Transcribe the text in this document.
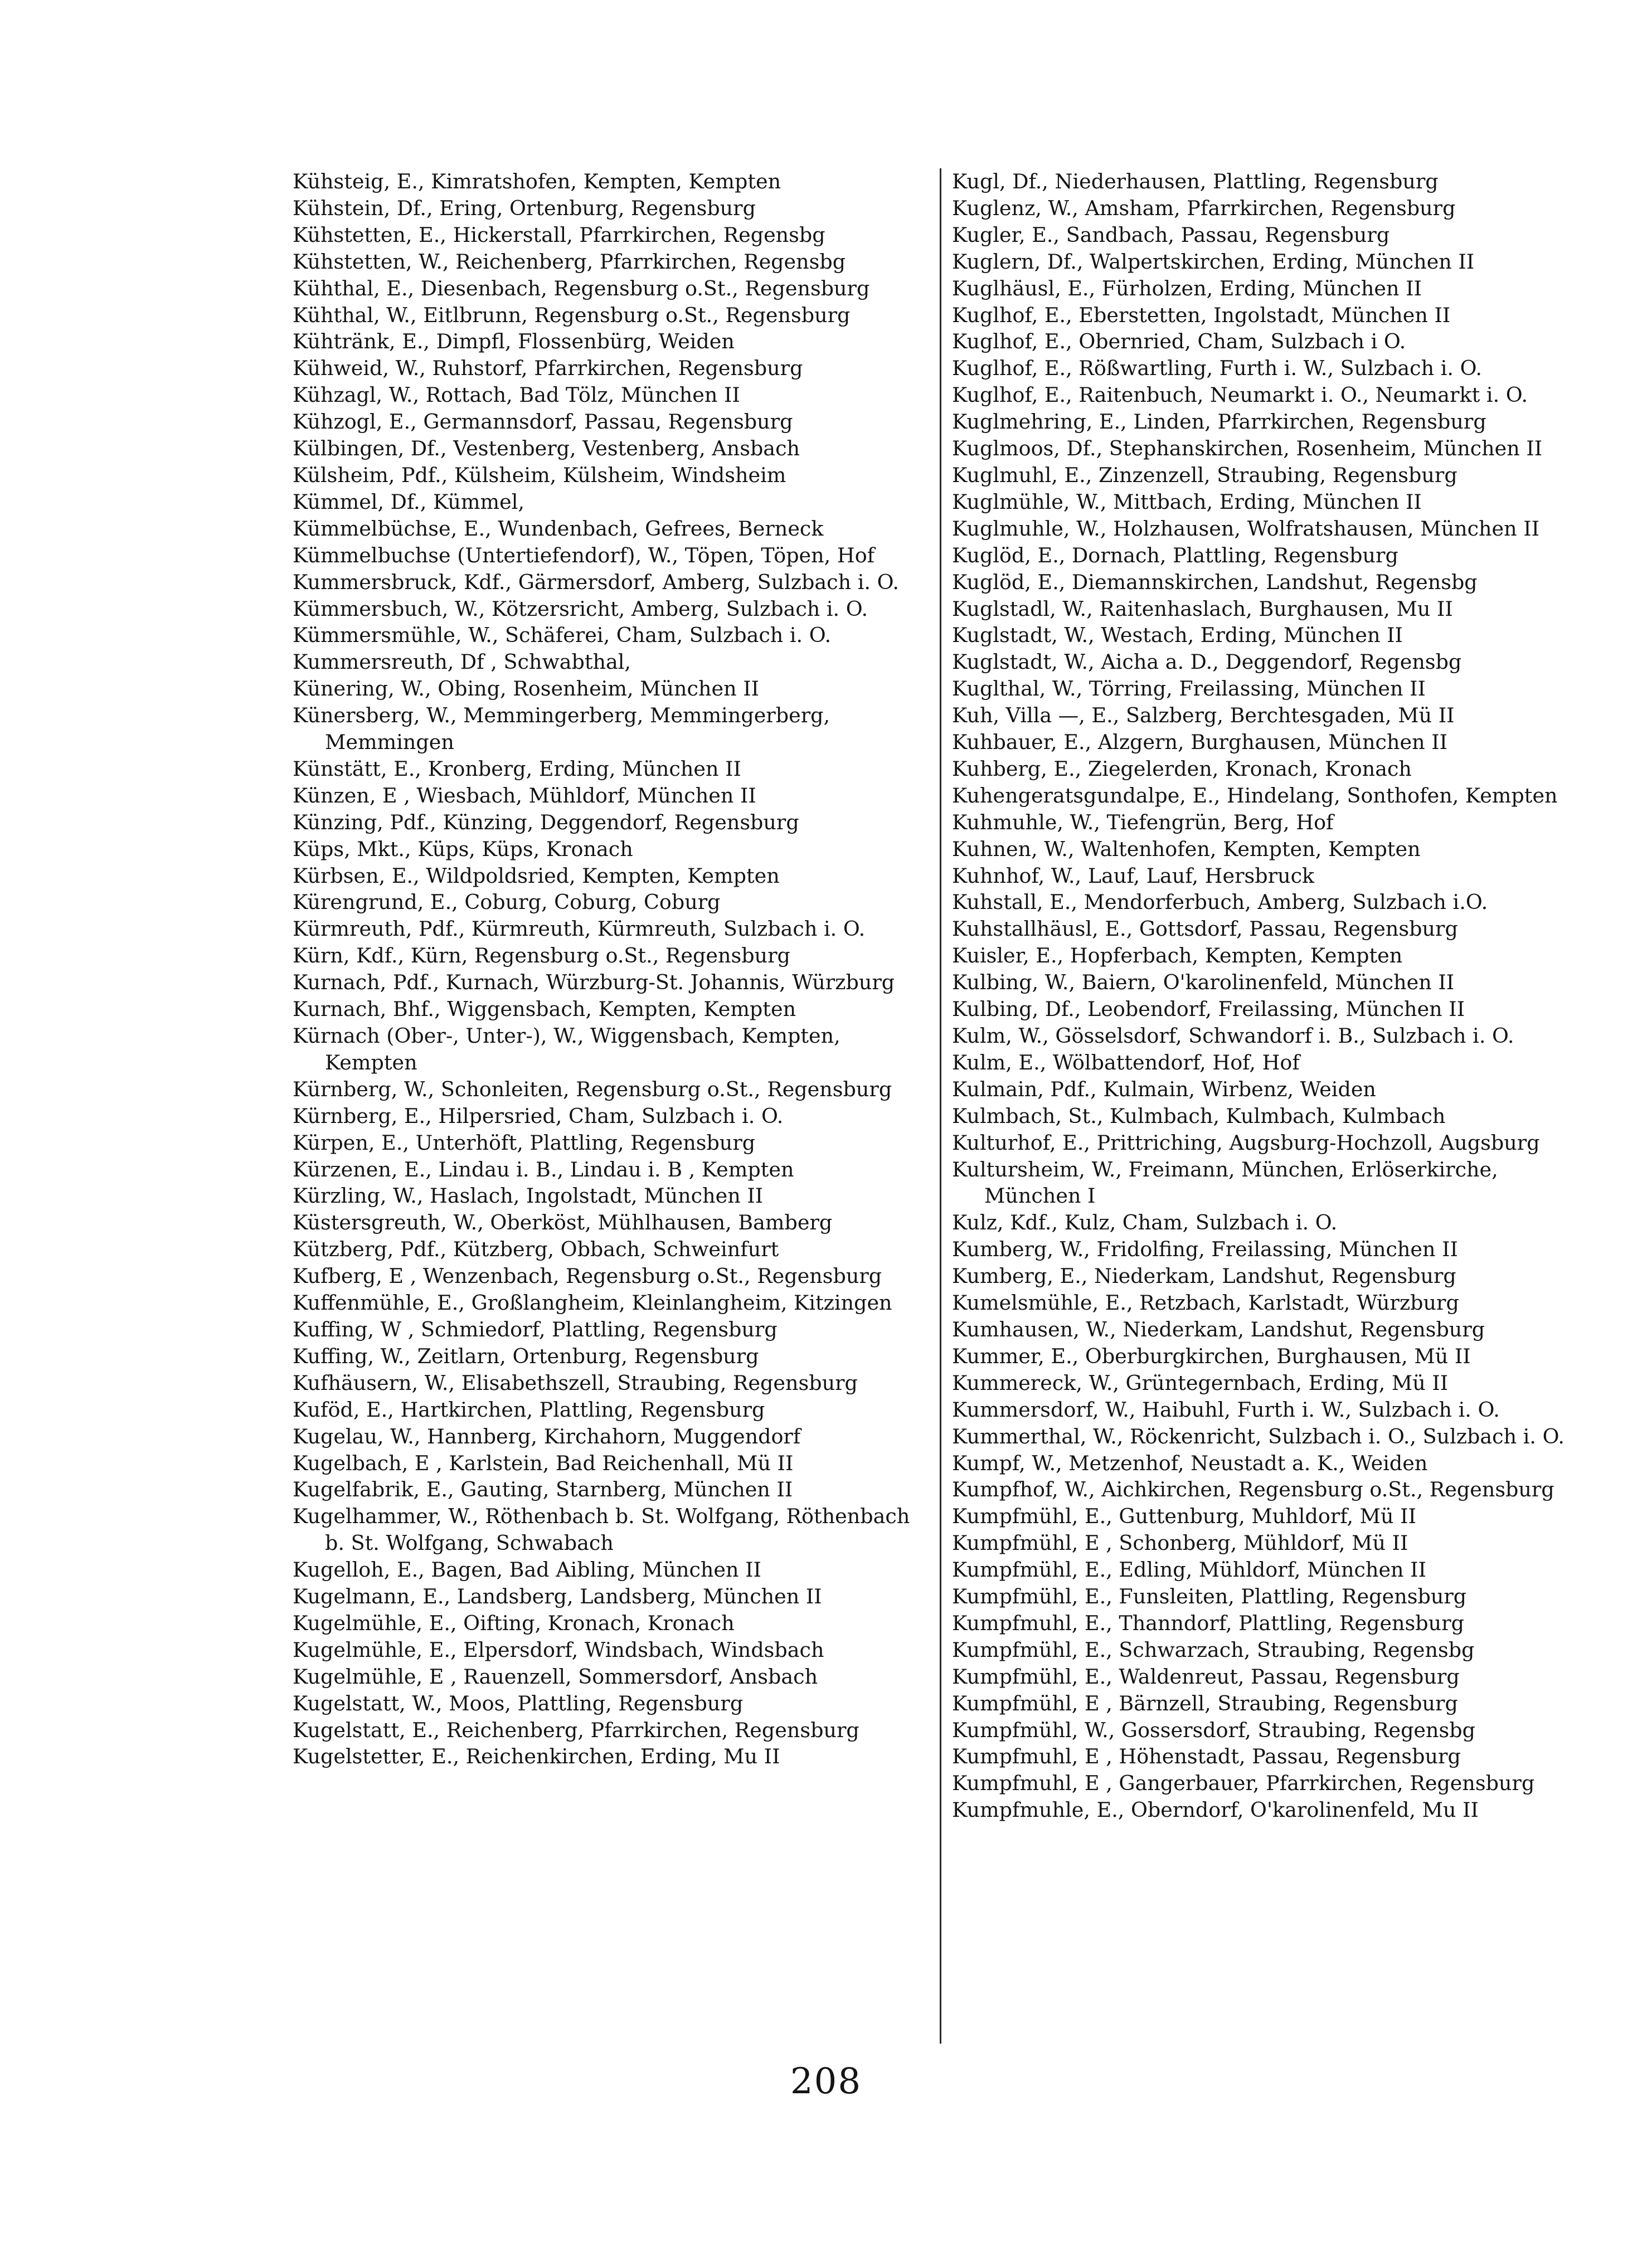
Kühsteig, E., Kimratshofen, Kempten, Kempten
Kühstein, Df., Ering, Ortenburg, Regensburg
Kühstetten, E., Hickerstall, Pfarrkirchen, Regensbg
Kühstetten, W., Reichenberg, Pfarrkirchen, Regensbg
Kühthal, E., Diesenbach, Regensburg o.St., Regensburg
Kühthal, W., Eitlbrunn, Regensburg o.St., Regensburg
Kühtränk, E., Dimpfl, Flossenbürg, Weiden
Kühweid, W., Ruhstorf, Pfarrkirchen, Regensburg
Kühzagl, W., Rottach, Bad Tölz, München II
Kühzogl, E., Germannsdorf, Passau, Regensburg
Külbingen, Df., Vestenberg, Vestenberg, Ansbach
Külsheim, Pdf., Külsheim, Külsheim, Windsheim
Kümmel, Df., Kümmel,
Kümmelbüchse, E., Wundenbach, Gefrees, Berneck
Kümmelbuchse (Untertiefendorf), W., Töpen, Töpen, Hof
Kummersbruck, Kdf., Gärmersdorf, Amberg, Sulzbach i. O.
Kümmersbuch, W., Kötzersricht, Amberg, Sulzbach i. O.
Kümmersmühle, W., Schäferei, Cham, Sulzbach i. O.
Kummersreuth, Df , Schwabthal,
Künering, W., Obing, Rosenheim, München II
Künersberg, W., Memmingerberg, Memmingerberg, Memmingen
Künstätt, E., Kronberg, Erding, München II
Künzen, E , Wiesbach, Mühldorf, München II
Künzing, Pdf., Künzing, Deggendorf, Regensburg
Küps, Mkt., Küps, Küps, Kronach
Kürbsen, E., Wildpoldsried, Kempten, Kempten
Kürengrund, E., Coburg, Coburg, Coburg
Kürmreuth, Pdf., Kürmreuth, Kürmreuth, Sulzbach i. O.
Kürn, Kdf., Kürn, Regensburg o.St., Regensburg
Kurnach, Pdf., Kurnach, Würzburg-St. Johannis, Würzburg
Kurnach, Bhf., Wiggensbach, Kempten, Kempten
Kürnach (Ober-, Unter-), W., Wiggensbach, Kempten, Kempten
Kürnberg, W., Schonleiten, Regensburg o.St., Regensburg
Kürnberg, E., Hilpersried, Cham, Sulzbach i. O.
Kürpen, E., Unterhöft, Plattling, Regensburg
Kürzenen, E., Lindau i. B., Lindau i. B , Kempten
Kürzling, W., Haslach, Ingolstadt, München II
Küstersgreuth, W., Oberköst, Mühlhausen, Bamberg
Kützberg, Pdf., Kützberg, Obbach, Schweinfurt
Kufberg, E , Wenzenbach, Regensburg o.St., Regensburg
Kuffenmühle, E., Großlangheim, Kleinlangheim, Kitzingen
Kuffing, W , Schmiedorf, Plattling, Regensburg
Kuffing, W., Zeitlarn, Ortenburg, Regensburg
Kufhäusern, W., Elisabethszell, Straubing, Regensburg
Kuföd, E., Hartkirchen, Plattling, Regensburg
Kugelau, W., Hannberg, Kirchahorn, Muggendorf
Kugelbach, E , Karlstein, Bad Reichenhall, Mü II
Kugelfabrik, E., Gauting, Starnberg, München II
Kugelhammer, W., Röthenbach b. St. Wolfgang, Röthenbach b. St. Wolfgang, Schwabach
Kugelloh, E., Bagen, Bad Aibling, München II
Kugelmann, E., Landsberg, Landsberg, München II
Kugelmühle, E., Oifting, Kronach, Kronach
Kugelmühle, E., Elpersdorf, Windsbach, Windsbach
Kugelmühle, E , Rauenzell, Sommersdorf, Ansbach
Kugelstatt, W., Moos, Plattling, Regensburg
Kugelstatt, E., Reichenberg, Pfarrkirchen, Regensburg
Kugelstetter, E., Reichenkirchen, Erding, Mu II
Kugl, Df., Niederhausen, Plattling, Regensburg
Kuglenz, W., Amsham, Pfarrkirchen, Regensburg
Kugler, E., Sandbach, Passau, Regensburg
Kuglern, Df., Walpertskirchen, Erding, München II
Kuglhäusl, E., Fürholzen, Erding, München II
Kuglhof, E., Eberstetten, Ingolstadt, München II
Kuglhof, E., Obernried, Cham, Sulzbach i O.
Kuglhof, E., Rößwartling, Furth i. W., Sulzbach i. O.
Kuglhof, E., Raitenbuch, Neumarkt i. O., Neumarkt i. O.
Kuglmehring, E., Linden, Pfarrkirchen, Regensburg
Kuglmoos, Df., Stephanskirchen, Rosenheim, München II
Kuglmuhl, E., Zinzenzell, Straubing, Regensburg
Kuglmühle, W., Mittbach, Erding, München II
Kuglmuhle, W., Holzhausen, Wolfratshausen, München II
Kuglöd, E., Dornach, Plattling, Regensburg
Kuglöd, E., Diemannskirchen, Landshut, Regensbg
Kuglstadl, W., Raitenhaslach, Burghausen, Mu II
Kuglstadt, W., Westach, Erding, München II
Kuglstadt, W., Aicha a. D., Deggendorf, Regensbg
Kuglthal, W., Törring, Freilassing, München II
Kuh, Villa —, E., Salzberg, Berchtesgaden, Mü II
Kuhbauer, E., Alzgern, Burghausen, München II
Kuhberg, E., Ziegelerden, Kronach, Kronach
Kuhengeratsgundalpe, E., Hindelang, Sonthofen, Kempten
Kuhmuhle, W., Tiefengrün, Berg, Hof
Kuhnen, W., Waltenhofen, Kempten, Kempten
Kuhnhof, W., Lauf, Lauf, Hersbruck
Kuhstall, E., Mendorferbuch, Amberg, Sulzbach i.O.
Kuhstallhäusl, E., Gottsdorf, Passau, Regensburg
Kuisler, E., Hopferbach, Kempten, Kempten
Kulbing, W., Baiern, O'karolinenfeld, München II
Kulbing, Df., Leobendorf, Freilassing, München II
Kulm, W., Gösselsdorf, Schwandorf i. B., Sulzbach i. O.
Kulm, E., Wölbattendorf, Hof, Hof
Kulmain, Pdf., Kulmain, Wirbenz, Weiden
Kulmbach, St., Kulmbach, Kulmbach, Kulmbach
Kulturhof, E., Prittriching, Augsburg-Hochzoll, Augsburg
Kultursheim, W., Freimann, München, Erlöserkirche, München I
Kulz, Kdf., Kulz, Cham, Sulzbach i. O.
Kumberg, W., Fridolfing, Freilassing, München II
Kumberg, E., Niederkam, Landshut, Regensburg
Kumelsmühle, E., Retzbach, Karlstadt, Würzburg
Kumhausen, W., Niederkam, Landshut, Regensburg
Kummer, E., Oberburgkirchen, Burghausen, Mü II
Kummereck, W., Grüntegernbach, Erding, Mü II
Kummersdorf, W., Haibuhl, Furth i. W., Sulzbach i. O.
Kummerthal, W., Röckenricht, Sulzbach i. O., Sulzbach i. O.
Kumpf, W., Metzenhof, Neustadt a. K., Weiden
Kumpfhof, W., Aichkirchen, Regensburg o.St., Regensburg
Kumpfmühl, E., Guttenburg, Muhldorf, Mü II
Kumpfmühl, E , Schonberg, Mühldorf, Mü II
Kumpfmühl, E., Edling, Mühldorf, München II
Kumpfmühl, E., Funsleiten, Plattling, Regensburg
Kumpfmuhl, E., Thanndorf, Plattling, Regensburg
Kumpfmühl, E., Schwarzach, Straubing, Regensbg
Kumpfmühl, E., Waldenreut, Passau, Regensburg
Kumpfmühl, E , Bärnzell, Straubing, Regensburg
Kumpfmühl, W., Gossersdorf, Straubing, Regensbg
Kumpfmuhl, E , Höhenstadt, Passau, Regensburg
Kumpfmuhl, E , Gangerbauer, Pfarrkirchen, Regensburg
Kumpfmuhle, E., Oberndorf, O'karolinenfeld, Mu II
208
